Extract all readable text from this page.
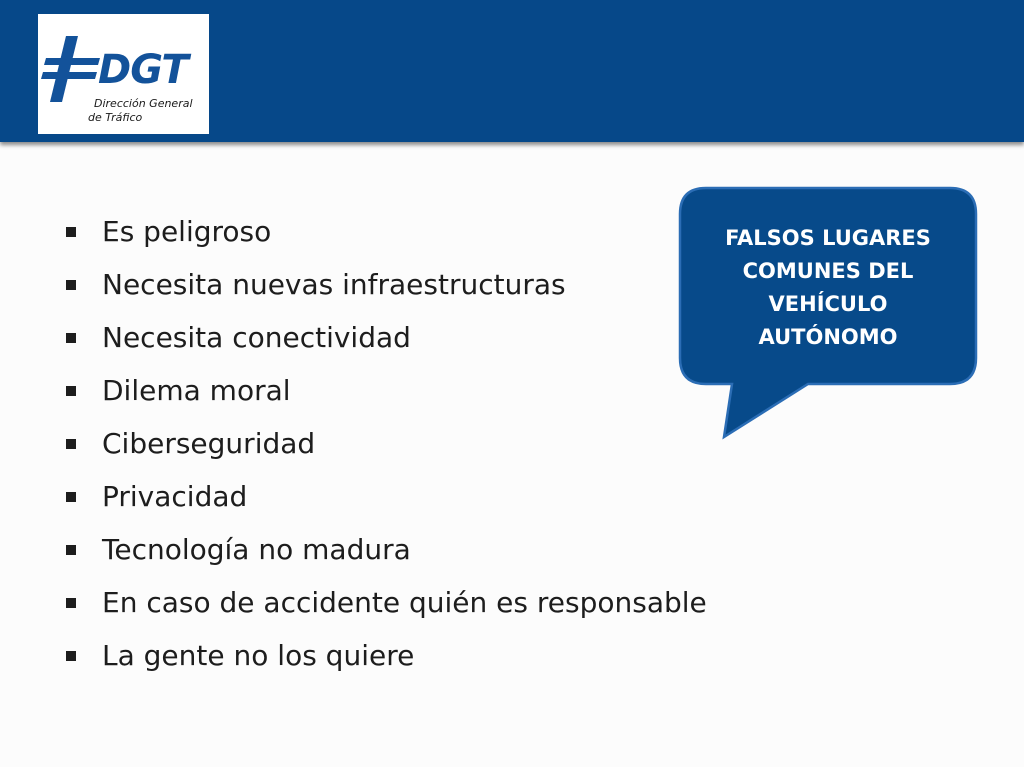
DGT
Dirección General
de Tráfico
Es peligroso
Necesita nuevas infraestructuras
Necesita conectividad
Dilema moral
Ciberseguridad
Privacidad
Tecnología no madura
En caso de accidente quién es responsable
La gente no los quiere
FALSOS LUGARES
COMUNES DEL
VEHÍCULO
AUTÓNOMO
